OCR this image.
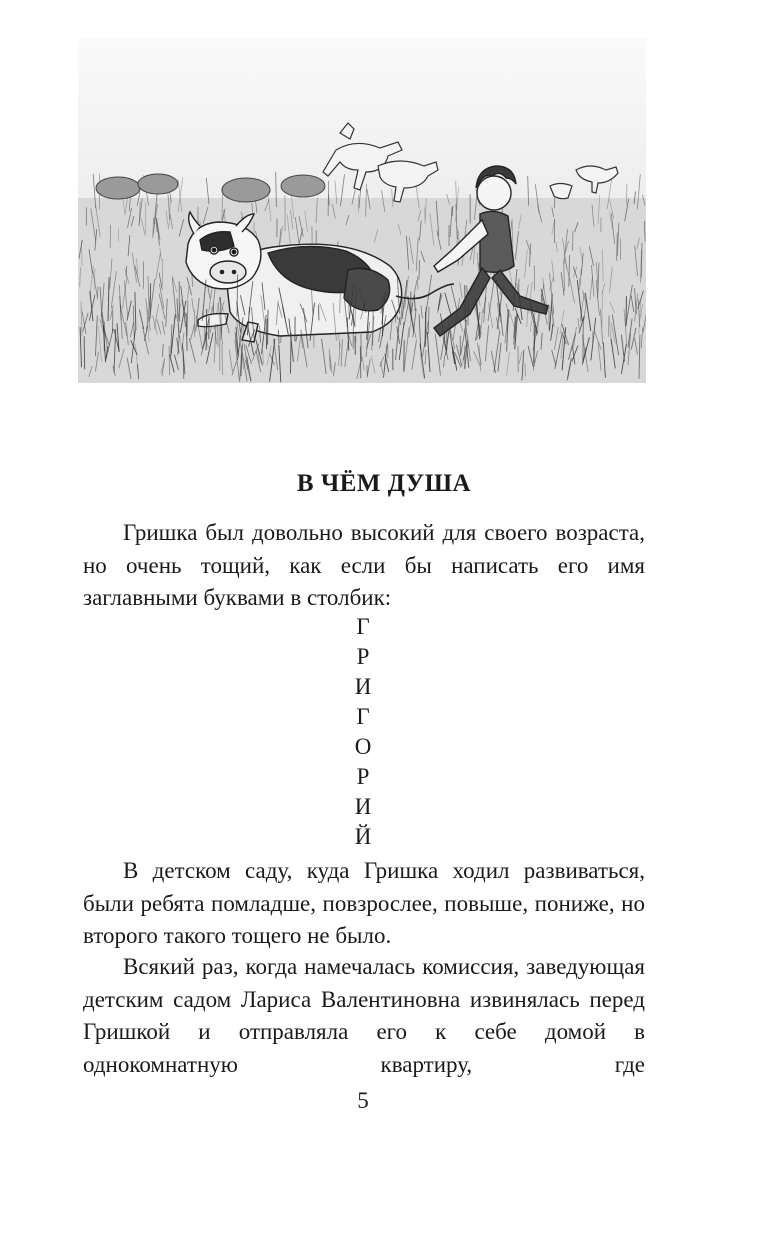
В ЧЁМ ДУША

Гришка был довольно высокий для своего возраста, но очень тощий, как если бы написать его имя заглавными буквами в столбик:

Г
Р
И
Г
О
Р
И
Й

В детском саду, куда Гришка ходил развиваться, были ребята помладше, повзрослее, повыше, пониже, но второго такого тощего не было.

Всякий раз, когда намечалась комиссия, заведующая детским садом Лариса Валентиновна извинялась перед Гришкой и отправляла его к себе домой в однокомнатную квартиру, где

5
